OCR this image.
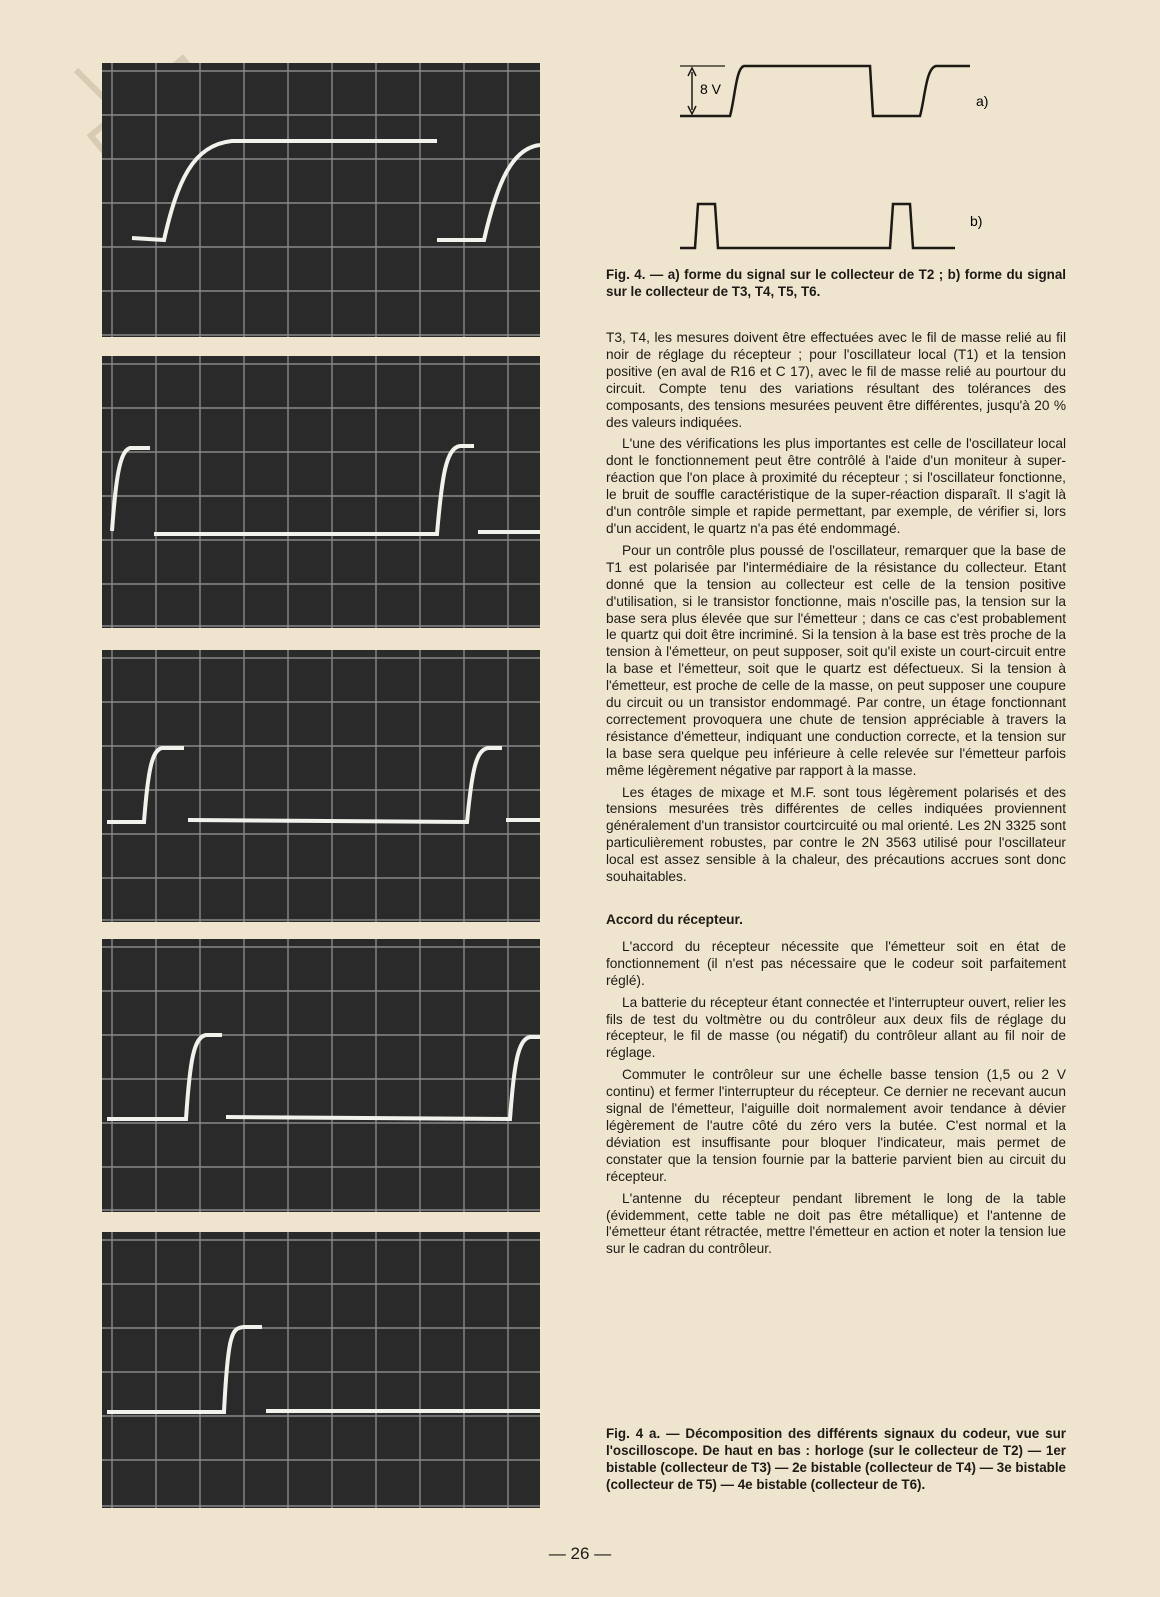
8 V
a)
b)
Fig. 4. — a) forme du signal sur le collecteur de T2 ; b) forme du signal sur le collecteur de T3, T4, T5, T6.

T3, T4, les mesures doivent être effectuées avec le fil de masse relié au fil noir de réglage du récepteur ; pour l'oscillateur local (T1) et la tension positive (en aval de R16 et C 17), avec le fil de masse relié au pourtour du circuit. Compte tenu des variations résultant des tolérances des composants, des tensions mesurées peuvent être différentes, jusqu'à 20 % des valeurs indiquées.

L'une des vérifications les plus importantes est celle de l'oscillateur local dont le fonctionnement peut être contrôlé à l'aide d'un moniteur à super-réaction que l'on place à proximité du récepteur ; si l'oscillateur fonctionne, le bruit de souffle caractéristique de la super-réaction disparaît. Il s'agit là d'un contrôle simple et rapide permettant, par exemple, de vérifier si, lors d'un accident, le quartz n'a pas été endommagé.

Pour un contrôle plus poussé de l'oscillateur, remarquer que la base de T1 est polarisée par l'intermédiaire de la résistance du collecteur. Etant donné que la tension au collecteur est celle de la tension positive d'utilisation, si le transistor fonctionne, mais n'oscille pas, la tension sur la base sera plus élevée que sur l'émetteur ; dans ce cas c'est probablement le quartz qui doit être incriminé. Si la tension à la base est très proche de la tension à l'émetteur, on peut supposer, soit qu'il existe un court-circuit entre la base et l'émetteur, soit que le quartz est défectueux. Si la tension à l'émetteur, est proche de celle de la masse, on peut supposer une coupure du circuit ou un transistor endommagé. Par contre, un étage fonctionnant correctement provoquera une chute de tension appréciable à travers la résistance d'émetteur, indiquant une conduction correcte, et la tension sur la base sera quelque peu inférieure à celle relevée sur l'émetteur parfois même légèrement négative par rapport à la masse.

Les étages de mixage et M.F. sont tous légèrement polarisés et des tensions mesurées très différentes de celles indiquées proviennent généralement d'un transistor courtcircuité ou mal orienté. Les 2N 3325 sont particulièrement robustes, par contre le 2N 3563 utilisé pour l'oscillateur local est assez sensible à la chaleur, des précautions accrues sont donc souhaitables.

Accord du récepteur.

L'accord du récepteur nécessite que l'émetteur soit en état de fonctionnement (il n'est pas nécessaire que le codeur soit parfaitement réglé).

La batterie du récepteur étant connectée et l'interrupteur ouvert, relier les fils de test du voltmètre ou du contrôleur aux deux fils de réglage du récepteur, le fil de masse (ou négatif) du contrôleur allant au fil noir de réglage.

Commuter le contrôleur sur une échelle basse tension (1,5 ou 2 V continu) et fermer l'interrupteur du récepteur. Ce dernier ne recevant aucun signal de l'émetteur, l'aiguille doit normalement avoir tendance à dévier légèrement de l'autre côté du zéro vers la butée. C'est normal et la déviation est insuffisante pour bloquer l'indicateur, mais permet de constater que la tension fournie par la batterie parvient bien au circuit du récepteur.

L'antenne du récepteur pendant librement le long de la table (évidemment, cette table ne doit pas être métallique) et l'antenne de l'émetteur étant rétractée, mettre l'émetteur en action et noter la tension lue sur le cadran du contrôleur.

Fig. 4 a. — Décomposition des différents signaux du codeur, vue sur l'oscilloscope. De haut en bas : horloge (sur le collecteur de T2) — 1er bistable (collecteur de T3) — 2e bistable (collecteur de T4) — 3e bistable (collecteur de T5) — 4e bistable (collecteur de T6).
— 26 —
